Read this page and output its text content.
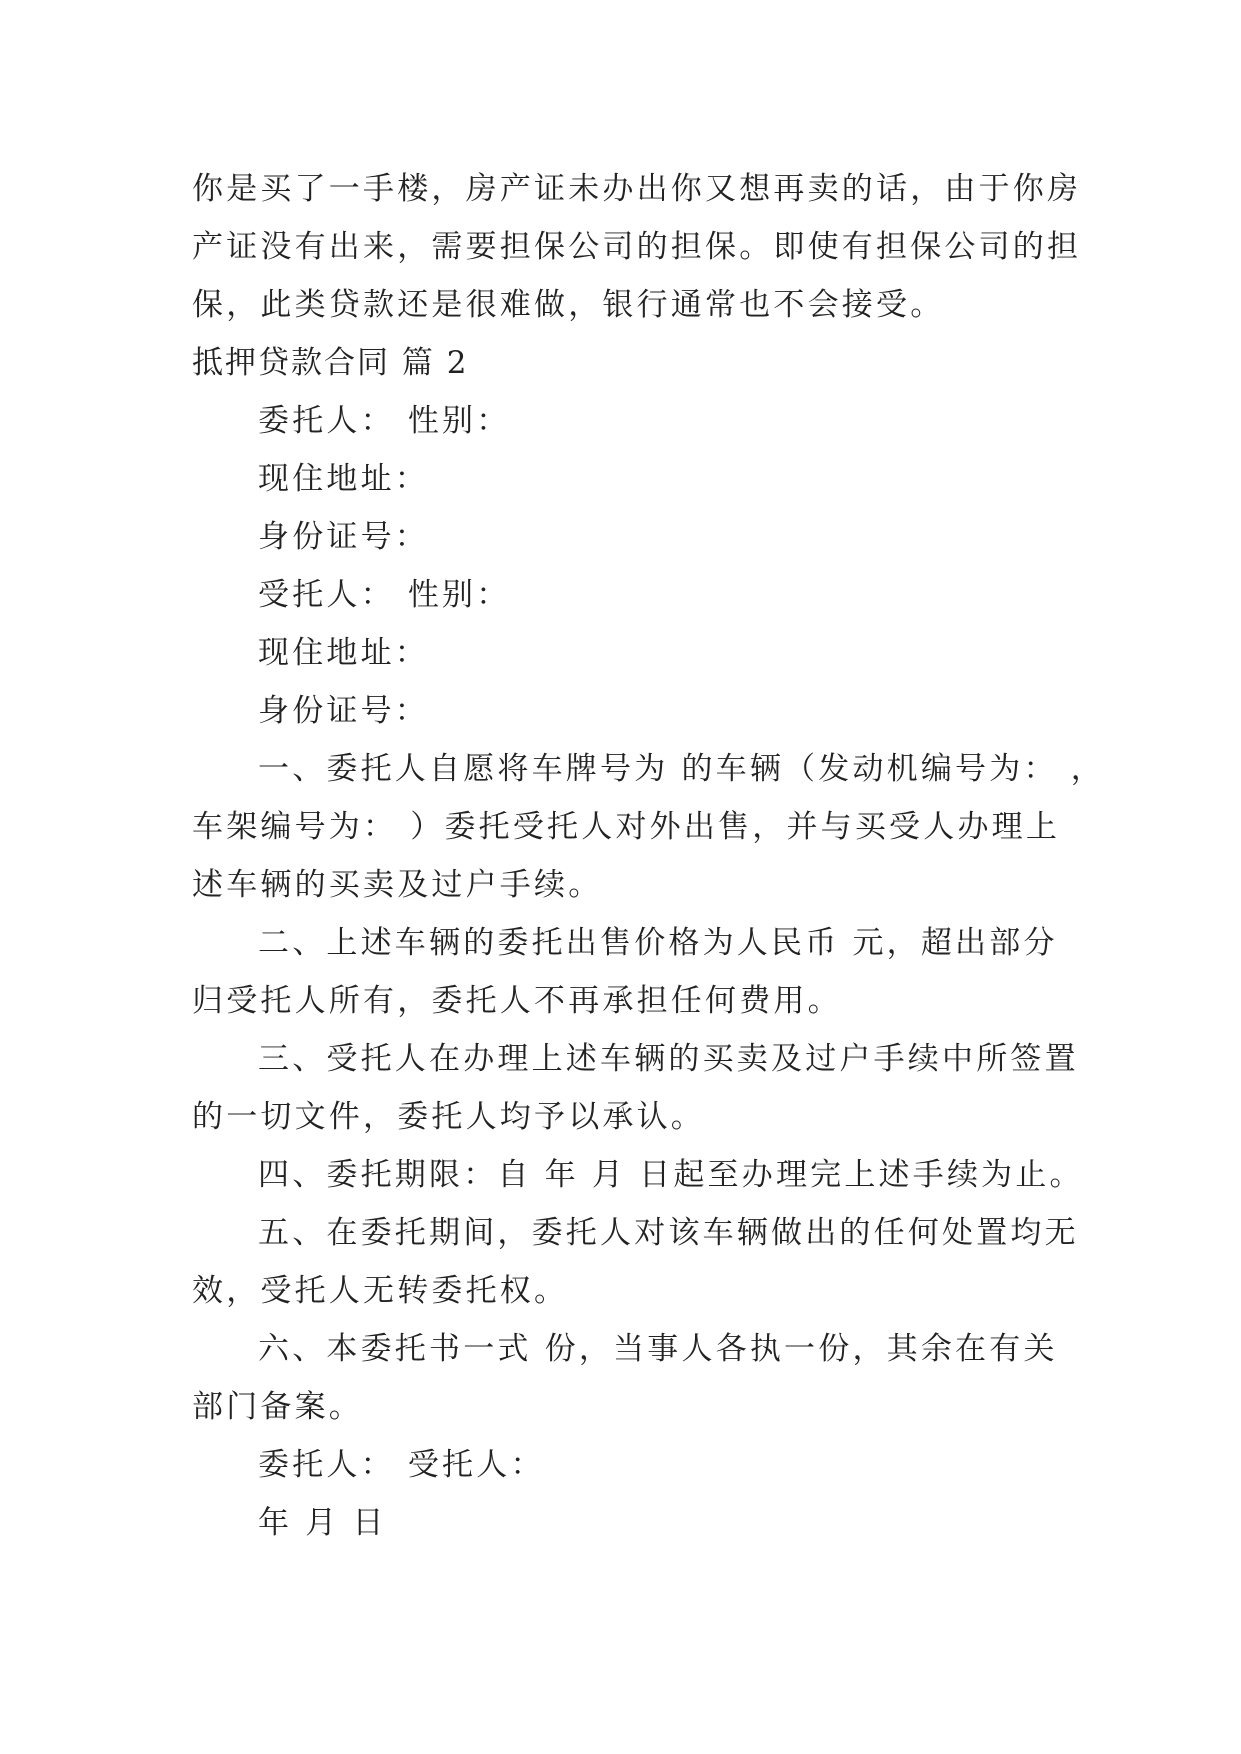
你是买了一手楼，房产证未办出你又想再卖的话，由于你房
产证没有出来，需要担保公司的担保。即使有担保公司的担
保，此类贷款还是很难做，银行通常也不会接受。
抵押贷款合同 篇 2
委托人： 性别：
现住地址：
身份证号：
受托人： 性别：
现住地址：
身份证号：
一、委托人自愿将车牌号为 的车辆（发动机编号为： ，
车架编号为： ）委托受托人对外出售，并与买受人办理上
述车辆的买卖及过户手续。
二、上述车辆的委托出售价格为人民币 元，超出部分
归受托人所有，委托人不再承担任何费用。
三、受托人在办理上述车辆的买卖及过户手续中所签置
的一切文件，委托人均予以承认。
四、委托期限：自 年 月 日起至办理完上述手续为止。
五、在委托期间，委托人对该车辆做出的任何处置均无
效，受托人无转委托权。
六、本委托书一式 份，当事人各执一份，其余在有关
部门备案。
委托人： 受托人：
年 月 日
